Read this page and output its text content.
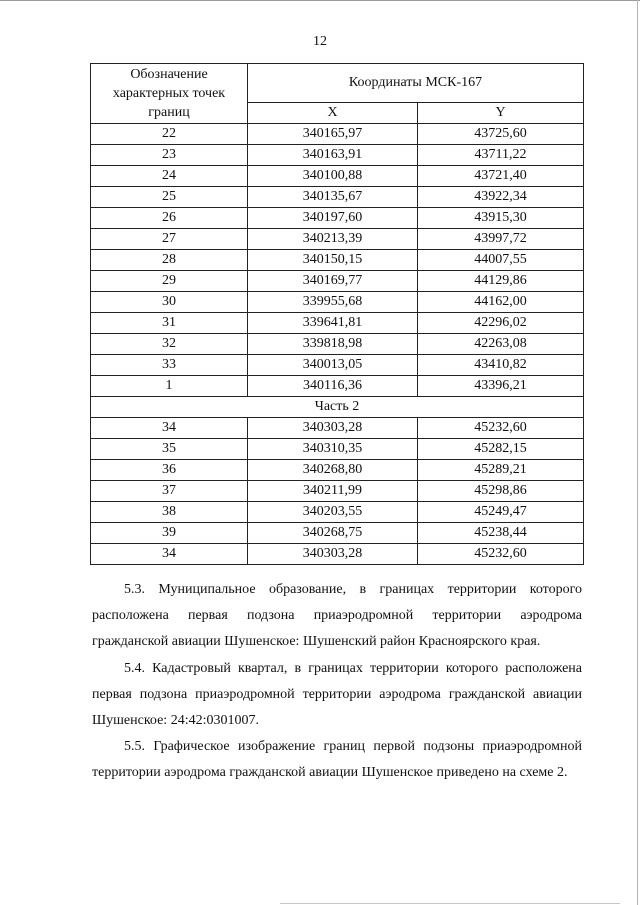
12
Обозначение характерных точек границ	Координаты МСК-167	
	X	Y
22	340165,97	43725,60
23	340163,91	43711,22
24	340100,88	43721,40
25	340135,67	43922,34
26	340197,60	43915,30
27	340213,39	43997,72
28	340150,15	44007,55
29	340169,77	44129,86
30	339955,68	44162,00
31	339641,81	42296,02
32	339818,98	42263,08
33	340013,05	43410,82
1	340116,36	43396,21
Часть 2		
34	340303,28	45232,60
35	340310,35	45282,15
36	340268,80	45289,21
37	340211,99	45298,86
38	340203,55	45249,47
39	340268,75	45238,44
34	340303,28	45232,60

5.3. Муниципальное образование, в границах территории которого расположена первая подзона приаэродромной территории аэродрома гражданской авиации Шушенское: Шушенский район Красноярского края.

5.4. Кадастровый квартал, в границах территории которого расположена первая подзона приаэродромной территории аэродрома гражданской авиации Шушенское: 24:42:0301007.

5.5. Графическое изображение границ первой подзоны приаэродромной территории аэродрома гражданской авиации Шушенское приведено на схеме 2.
